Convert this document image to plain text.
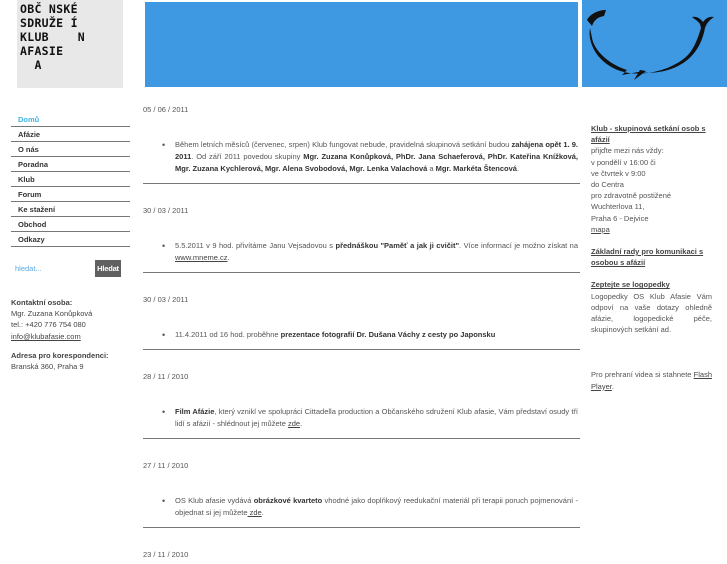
OBČ NSKÉ
SDRUŽE Í
KLUB    N
AFASIE
A
Domů
Afázie
O nás
Poradna
Klub
Forum
Ke stažení
Obchod
Odkazy
hledat...
Hledat
Kontaktní osoba:
Mgr. Zuzana Konůpková
tel.: +420 776 754 080
info@klubafasie.com
Adresa pro korespondenci:
Branská 360, Praha 9
05 / 06 / 2011
• Během letních měsíců (červenec, srpen) Klub fungovat nebude, pravidelná skupinová setkání budou zahájena opět 1. 9. 2011. Od září 2011 povedou skupiny Mgr. Zuzana Konůpková, PhDr. Jana Schaeferová, PhDr. Kateřina Knížková, Mgr. Zuzana Kychlerová, Mgr. Alena Svobodová, Mgr. Lenka Valachová a Mgr. Markéta Štencová.
30 / 03 / 2011
• 5.5.2011 v 9 hod. přivítáme Janu Vejsadovou s přednáškou "Paměť a jak ji cvičit". Více informací je možno získat na www.mneme.cz.
30 / 03 / 2011
• 11.4.2011 od 16 hod. proběhne prezentace fotografií Dr. Dušana Váchy z cesty po Japonsku
28 / 11 / 2010
• Film Afázie, který vznikl ve spolupráci Cittadella production a Občanského sdružení Klub afasie, Vám představí osudy tří lidí s afázií - shlédnout jej můžete zde.
27 / 11 / 2010
• OS Klub afasie vydává obrázkové kvarteto vhodné jako doplňkový reedukační materiál při terapii poruch pojmenování - objednat si jej můžete zde.
23 / 11 / 2010
Klub - skupinová setkání osob s afázií
přijďte mezi nás vždy:
v pondělí v 16:00 či
ve čtvrtek v 9:00
do Centra
pro zdravotně postižené
Wuchterlova 11,
Praha 6 - Dejvice
mapa
Základní rady pro komunikaci s osobou s afázií
Zeptejte se logopedky
Logopedky OS Klub Afasie Vám odpoví na vaše dotazy ohledně afázie, logopedické péče, skupinových setkání ad.
Pro prehraní videa si stahnete Flash Player.
